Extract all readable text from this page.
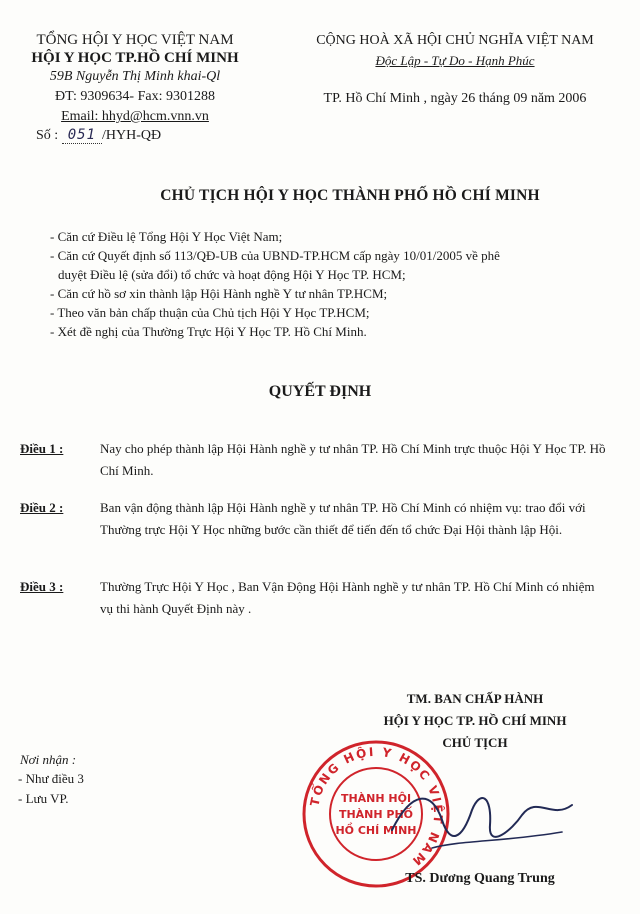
TỔNG HỘI Y HỌC VIỆT NAM
HỘI Y HỌC TP.HỒ CHÍ MINH
59B Nguyễn Thị Minh khai-Ql
ĐT: 9309634- Fax: 9301288
Email: hhyd@hcm.vnn.vn
Số : 051 /HYH-QĐ
CỘNG HOÀ XÃ HỘI CHỦ NGHĨA VIỆT NAM
Độc Lập - Tự Do - Hạnh Phúc
TP. Hồ Chí Minh , ngày 26 tháng 09 năm 2006
CHỦ TỊCH HỘI Y HỌC THÀNH PHỐ HỒ CHÍ MINH
- Căn cứ Điều lệ Tổng Hội Y Học Việt Nam;
- Căn cứ Quyết định số 113/QĐ-UB của UBND-TP.HCM cấp ngày 10/01/2005 về phê
duyệt Điều lệ (sửa đổi) tổ chức và hoạt động Hội Y Học TP. HCM;
- Căn cứ hồ sơ xin thành lập Hội Hành nghề Y tư nhân TP.HCM;
- Theo văn bản chấp thuận của Chủ tịch Hội Y Học TP.HCM;
- Xét đề nghị của Thường Trực Hội Y Học TP. Hồ Chí Minh.
QUYẾT ĐỊNH
Điều 1 :	Nay cho phép thành lập Hội Hành nghề y tư nhân TP. Hồ Chí Minh trực thuộc Hội Y Học TP. Hồ Chí Minh.
Điều 2 :	Ban vận động thành lập Hội Hành nghề y tư nhân TP. Hồ Chí Minh có nhiệm vụ: trao đổi với Thường trực Hội Y Học những bước cần thiết để tiến đến tổ chức Đại Hội thành lập Hội.
Điều 3 :	Thường Trực Hội Y Học , Ban Vận Động Hội Hành nghề y tư nhân TP. Hồ Chí Minh có nhiệm vụ thi hành Quyết Định này .
TM. BAN CHẤP HÀNH
HỘI Y HỌC TP. HỒ CHÍ MINH
CHỦ TỊCH
TỔNG HỘI Y HỌC VIỆT NAM
THÀNH HỘI
THÀNH PHỐ
HỒ CHÍ MINH
TS. Dương Quang Trung
Nơi nhận :
- Như điều 3
- Lưu VP.
